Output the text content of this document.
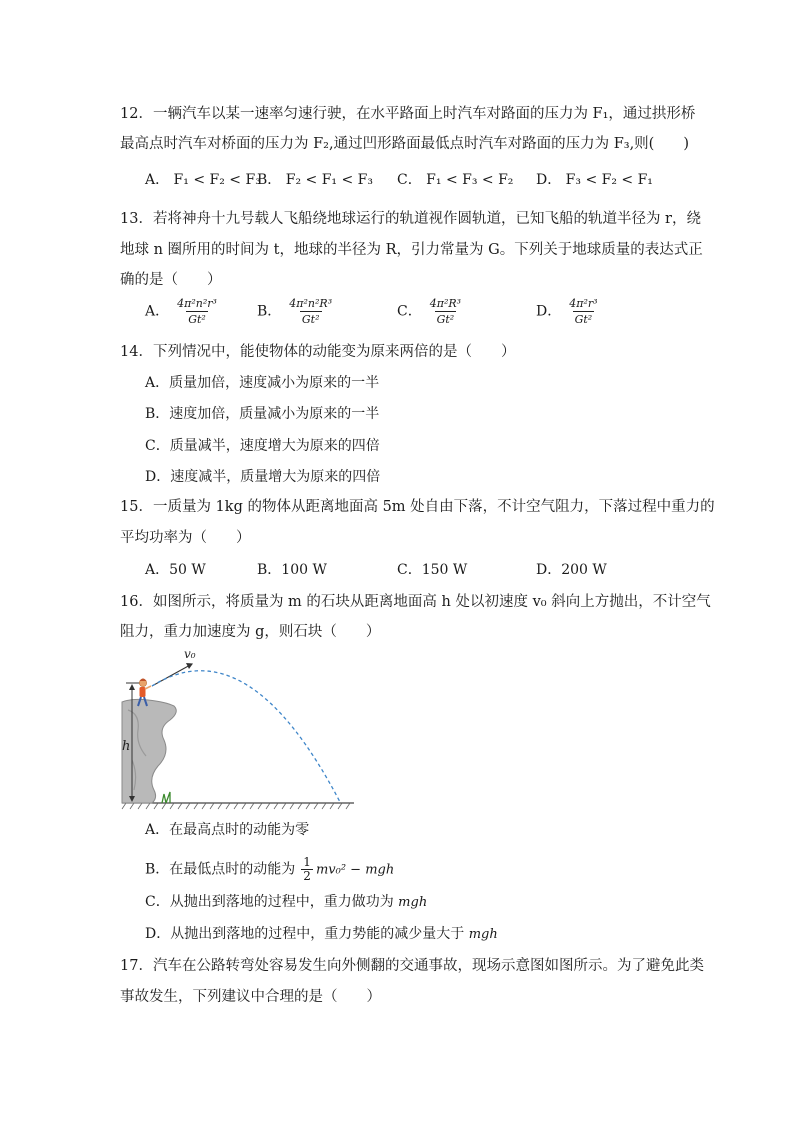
12．一辆汽车以某一速率匀速行驶，在水平路面上时汽车对路面的压力为 F₁，通过拱形桥
最高点时汽车对桥面的压力为 F₂,通过凹形路面最低点时汽车对路面的压力为 F₃,则(　　)
A． F₁ < F₂ < F₃
B． F₂ < F₁ < F₃ C． F₁ < F₃ < F₂ D． F₃ < F₂ < F₁
13．若将神舟十九号载人飞船绕地球运行的轨道视作圆轨道，已知飞船的轨道半径为 r，绕
地球 n 圈所用的时间为 t，地球的半径为 R，引力常量为 G。下列关于地球质量的表达式正
确的是（　　）
A． $\frac{\text{4π²n²r³}}{\text{Gt²}}$	B． $\frac{\text{4π²n²R³}}{\text{Gt²}}$	C． $\frac{\text{4π²R³}}{\text{Gt²}}$	D． $\frac{\text{4π²r³}}{\text{Gt²}}$
14．下列情况中，能使物体的动能变为原来两倍的是（　　）
A．质量加倍，速度减小为原来的一半
B．速度加倍，质量减小为原来的一半
C．质量减半，速度增大为原来的四倍
D．速度减半，质量增大为原来的四倍
15．一质量为 1kg 的物体从距离地面高 5m 处自由下落，不计空气阻力，下落过程中重力的
平均功率为（　　）
A．50 W	B．100 W	C．150 W	D．200 W
16．如图所示，将质量为 m 的石块从距离地面高 h 处以初速度 v₀ 斜向上方抛出，不计空气
阻力，重力加速度为 g，则石块（　　）
h
v₀
A．在最高点时的动能为零
B．在最低点时的动能为 $\frac{1}{2} mv_0^2$ − mgh
C．从抛出到落地的过程中，重力做功为 mgh
D．从抛出到落地的过程中，重力势能的减少量大于 mgh
17．汽车在公路转弯处容易发生向外侧翻的交通事故，现场示意图如图所示。为了避免此类
事故发生，下列建议中合理的是（　　）
